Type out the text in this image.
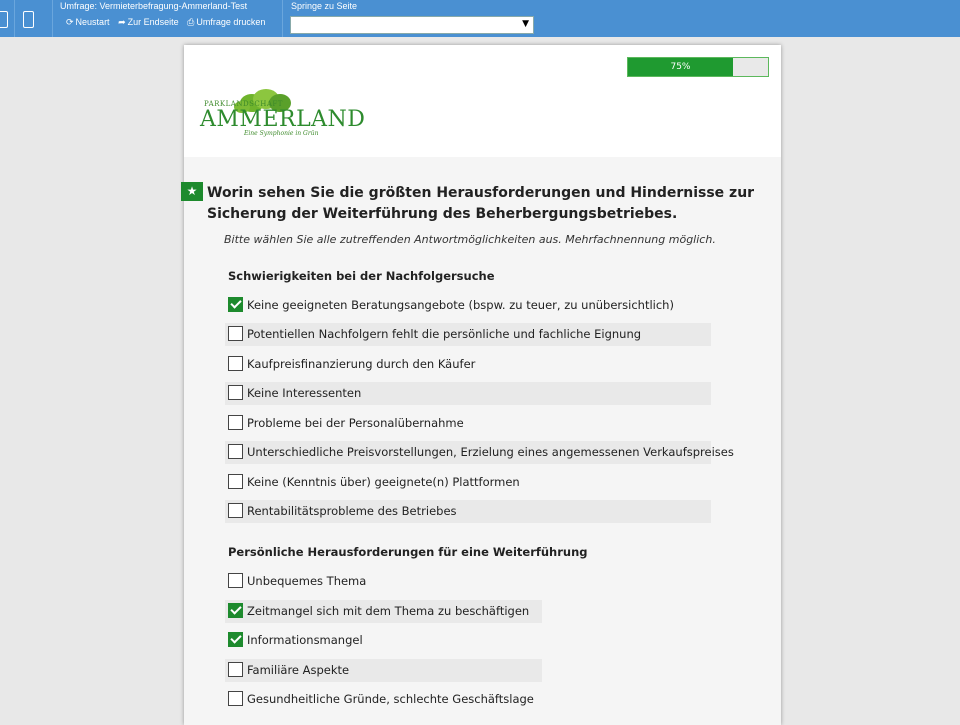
Umfrage: Vermieterbefragung-Ammerland-Test
⟳ Neustart ➦ Zur Endseite ⎙ Umfrage drucken
Springe zu Seite
▼
75%
PARKLANDSCHAFT
AMMERLAND
Eine Symphonie in Grün
★ Worin sehen Sie die größten Herausforderungen und Hindernisse zur Sicherung der Weiterführung des Beherbergungsbetriebes.
Bitte wählen Sie alle zutreffenden Antwortmöglichkeiten aus. Mehrfachnennung möglich.
Schwierigkeiten bei der Nachfolgersuche
Keine geeigneten Beratungsangebote (bspw. zu teuer, zu unübersichtlich)
Potentiellen Nachfolgern fehlt die persönliche und fachliche Eignung
Kaufpreisfinanzierung durch den Käufer
Keine Interessenten
Probleme bei der Personalübernahme
Unterschiedliche Preisvorstellungen, Erzielung eines angemessenen Verkaufspreises
Keine (Kenntnis über) geeignete(n) Plattformen
Rentabilitätsprobleme des Betriebes
Persönliche Herausforderungen für eine Weiterführung
Unbequemes Thema
Zeitmangel sich mit dem Thema zu beschäftigen
Informationsmangel
Familiäre Aspekte
Gesundheitliche Gründe, schlechte Geschäftslage
